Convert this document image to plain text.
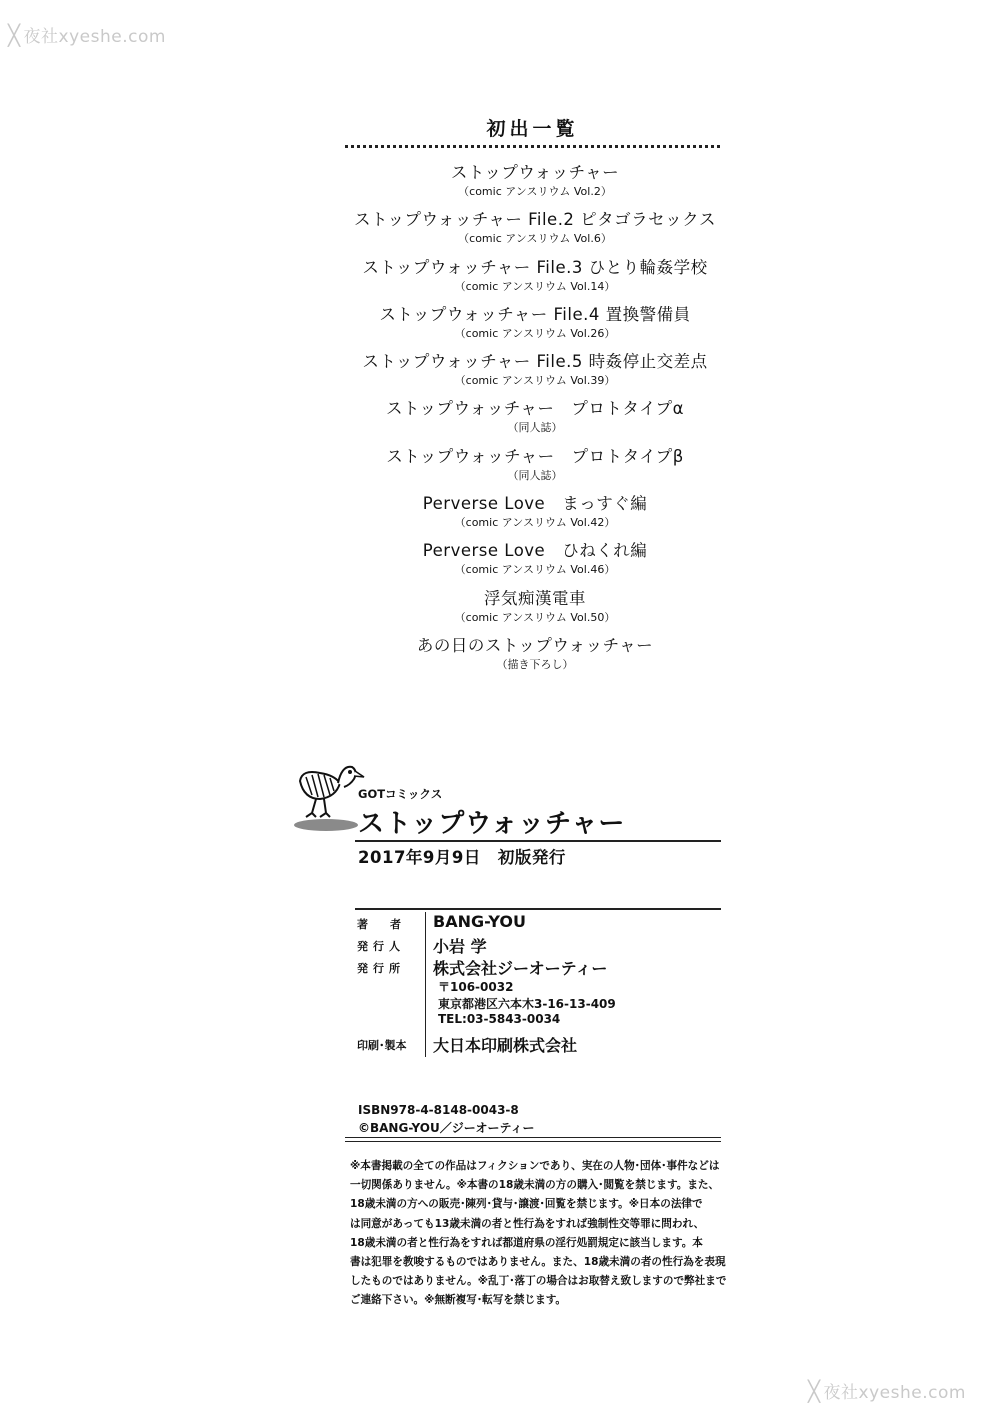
╳ 夜社xyeshe.com
初出一覧
ストップウォッチャー
（comic アンスリウム Vol.2）
ストップウォッチャー File.2 ピタゴラセックス
（comic アンスリウム Vol.6）
ストップウォッチャー File.3 ひとり輪姦学校
（comic アンスリウム Vol.14）
ストップウォッチャー File.4 置換警備員
（comic アンスリウム Vol.26）
ストップウォッチャー File.5 時姦停止交差点
（comic アンスリウム Vol.39）
ストップウォッチャー　プロトタイプα
（同人誌）
ストップウォッチャー　プロトタイプβ
（同人誌）
Perverse Love　まっすぐ編
（comic アンスリウム Vol.42）
Perverse Love　ひねくれ編
（comic アンスリウム Vol.46）
浮気痴漢電車
（comic アンスリウム Vol.50）
あの日のストップウォッチャー
（描き下ろし）
GOTコミックス
ストップウォッチャー
2017年9月9日　初版発行
著者 BANG-YOU
発行人 小岩 学
発行所 株式会社ジーオーティー
〒106-0032
東京都港区六本木3-16-13-409
TEL:03-5843-0034
印刷･製本 大日本印刷株式会社
ISBN978-4-8148-0043-8
©BANG-YOU／ジーオーティー
※本書掲載の全ての作品はフィクションであり、実在の人物･団体･事件などは
一切関係ありません。※本書の18歳未満の方の購入･閲覧を禁じます。また、
18歳未満の方への販売･陳列･貸与･譲渡･回覧を禁じます。※日本の法律で
は同意があっても13歳未満の者と性行為をすれば強制性交等罪に問われ、
18歳未満の者と性行為をすれば都道府県の淫行処罰規定に該当します。本
書は犯罪を教唆するものではありません。また、18歳未満の者の性行為を表現
したものではありません。※乱丁･落丁の場合はお取替え致しますので弊社まで
ご連絡下さい。※無断複写･転写を禁じます。
╳ 夜社xyeshe.com
